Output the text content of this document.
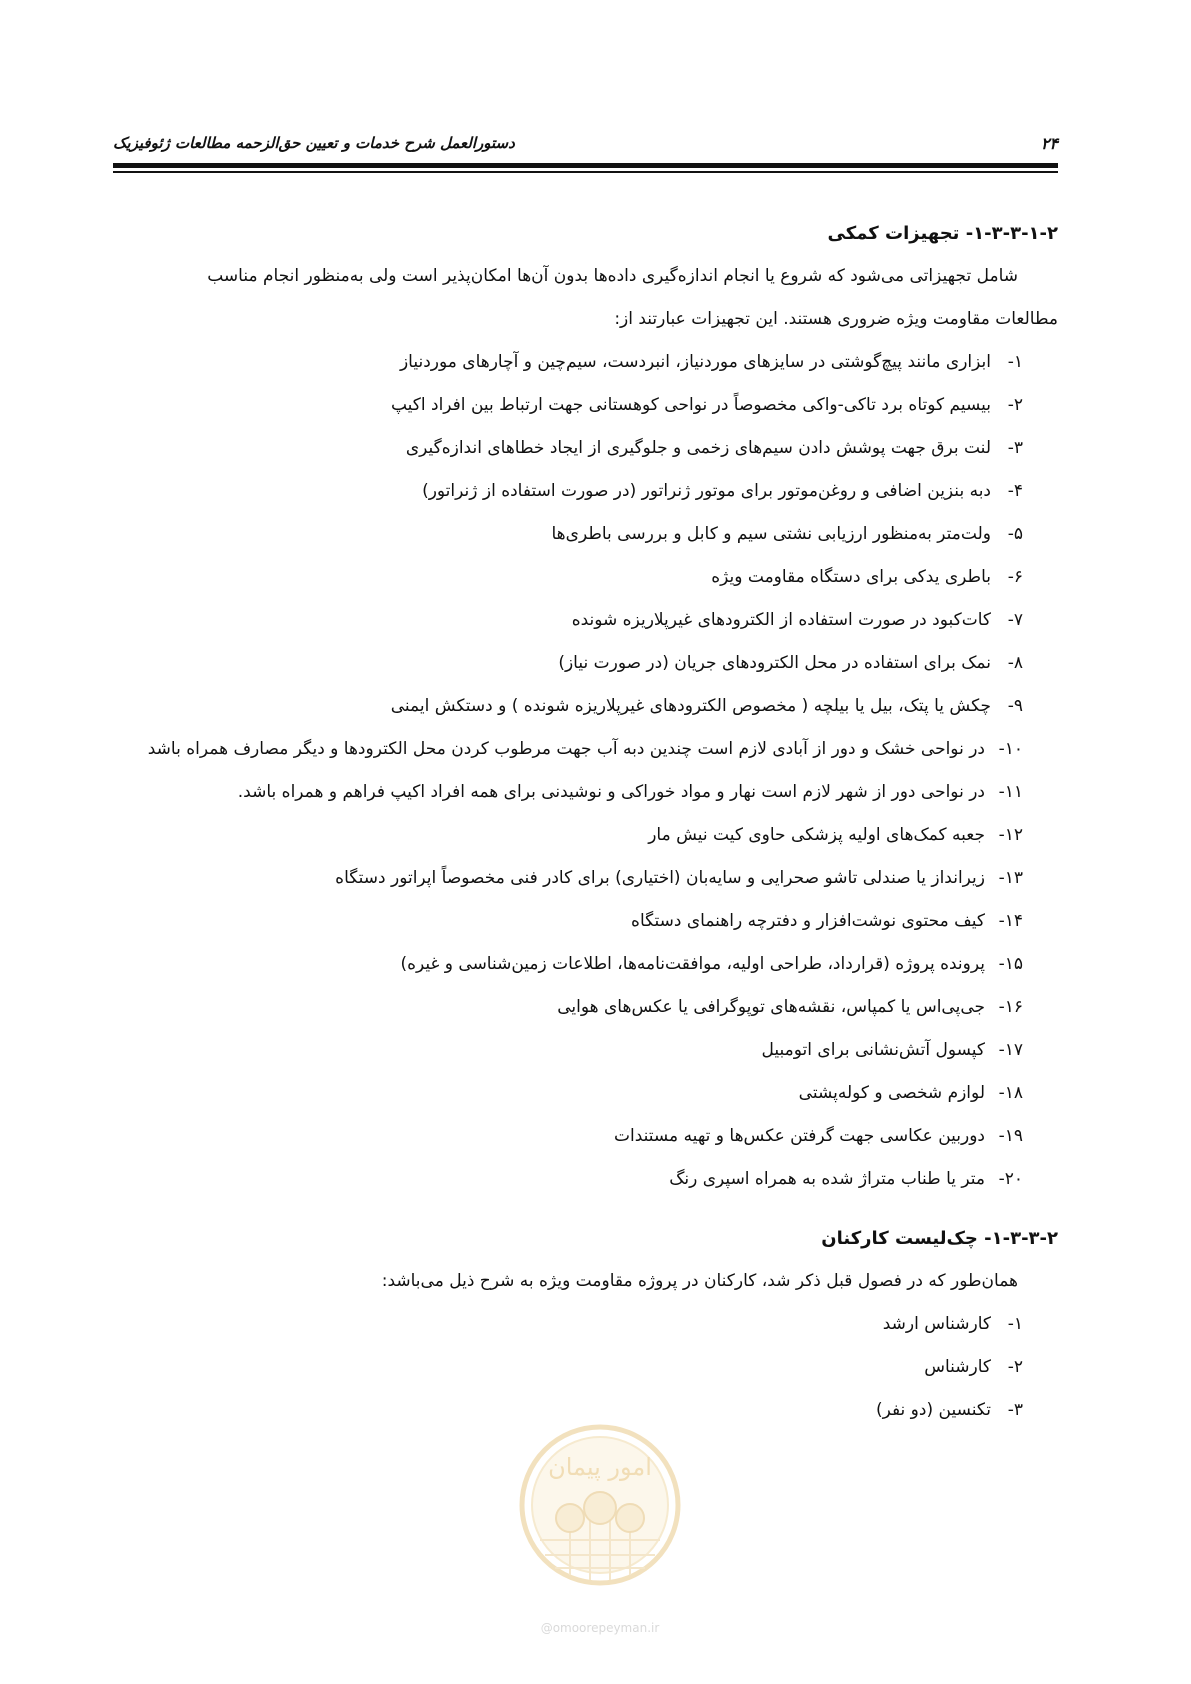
۲۴
دستورالعمل شرح خدمات و تعیین حق‌الزحمه مطالعات ژئوفیزیک
۱-۳-۳-۱-۲- تجهیزات کمکی

شامل تجهیزاتی می‌شود که شروع یا انجام اندازه‌گیری داده‌ها بدون آن‌ها امکان‌پذیر است ولی به‌منظور انجام مناسب

مطالعات مقاومت ویژه ضروری هستند. این تجهیزات عبارتند از:

۱-
ابزاری مانند پیچ‌گوشتی در سایزهای موردنیاز، انبردست، سیم‌چین و آچارهای موردنیاز
۲-
بیسیم کوتاه برد تاکی-واکی مخصوصاً در نواحی کوهستانی جهت ارتباط بین افراد اکیپ
۳-
لنت برق جهت پوشش دادن سیم‌های زخمی و جلوگیری از ایجاد خطاهای اندازه‌گیری
۴-
دبه بنزین اضافی و روغن‌موتور برای موتور ژنراتور (در صورت استفاده از ژنراتور)
۵-
ولت‌متر به‌منظور ارزیابی نشتی سیم و کابل و بررسی باطری‌ها
۶-
باطری یدکی برای دستگاه مقاومت ویژه
۷-
کات‌کبود در صورت استفاده از الکترودهای غیرپلاریزه شونده
۸-
نمک برای استفاده در محل الکترودهای جریان (در صورت نیاز)
۹-
چکش یا پتک، بیل یا بیلچه ( مخصوص الکترودهای غیرپلاریزه شونده ) و دستکش ایمنی
۱۰-
در نواحی خشک و دور از آبادی لازم است چندین دبه آب جهت مرطوب کردن محل الکترودها و دیگر مصارف همراه باشد
۱۱-
در نواحی دور از شهر لازم است نهار و مواد خوراکی و نوشیدنی برای همه افراد اکیپ فراهم و همراه باشد.
۱۲-
جعبه کمک‌های اولیه پزشکی حاوی کیت نیش مار
۱۳-
زیرانداز یا صندلی تاشو صحرایی و سایه‌بان (اختیاری) برای کادر فنی مخصوصاً اپراتور دستگاه
۱۴-
کیف محتوی نوشت‌افزار و دفترچه راهنمای دستگاه
۱۵-
پرونده پروژه (قرارداد، طراحی اولیه، موافقت‌نامه‌ها، اطلاعات زمین‌شناسی و غیره)
۱۶-
جی‌پی‌اس یا کمپاس، نقشه‌های توپوگرافی یا عکس‌های هوایی
۱۷-
کپسول آتش‌نشانی برای اتومبیل
۱۸-
لوازم شخصی و کوله‌پشتی
۱۹-
دوربین عکاسی جهت گرفتن عکس‌ها و تهیه مستندات
۲۰-
متر یا طناب متراژ شده به همراه اسپری رنگ
۱-۳-۳-۲- چک‌لیست کارکنان

همان‌طور که در فصول قبل ذکر شد، کارکنان در پروژه مقاومت ویژه به شرح ذیل می‌باشد:

۱-
کارشناس ارشد
۲-
کارشناس
۳-
تکنسین (دو نفر)
امور پیمان
@omoorepeyman.ir
